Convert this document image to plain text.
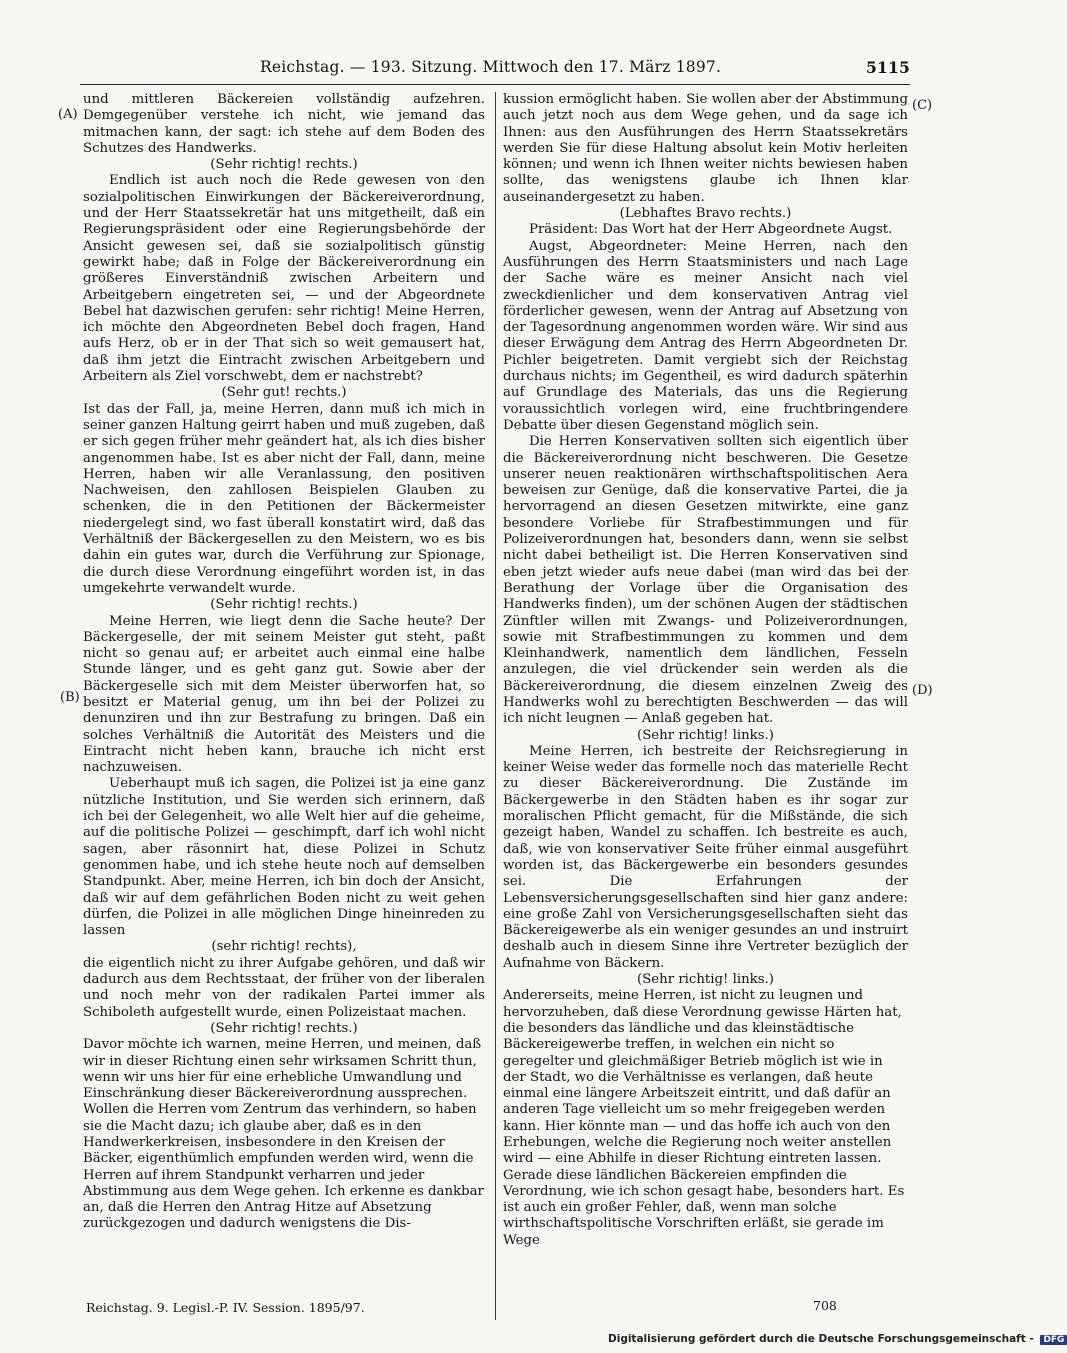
Reichstag. — 193. Sitzung. Mittwoch den 17. März 1897.	5115
(A)
(B)
(C)
(D)

und mittleren Bäckereien vollständig aufzehren. Demgegenüber verstehe ich nicht, wie jemand das mitmachen kann, der sagt: ich stehe auf dem Boden des Schutzes des Handwerks.

(Sehr richtig! rechts.)

Endlich ist auch noch die Rede gewesen von den sozialpolitischen Einwirkungen der Bäckereiverordnung, und der Herr Staatssekretär hat uns mitgetheilt, daß ein Regierungspräsident oder eine Regierungsbehörde der Ansicht gewesen sei, daß sie sozialpolitisch günstig gewirkt habe; daß in Folge der Bäckereiverordnung ein größeres Einverständniß zwischen Arbeitern und Arbeitgebern eingetreten sei, — und der Abgeordnete Bebel hat dazwischen gerufen: sehr richtig! Meine Herren, ich möchte den Abgeordneten Bebel doch fragen, Hand aufs Herz, ob er in der That sich so weit gemausert hat, daß ihm jetzt die Eintracht zwischen Arbeitgebern und Arbeitern als Ziel vorschwebt, dem er nachstrebt?

(Sehr gut! rechts.)

Ist das der Fall, ja, meine Herren, dann muß ich mich in seiner ganzen Haltung geirrt haben und muß zugeben, daß er sich gegen früher mehr geändert hat, als ich dies bisher angenommen habe. Ist es aber nicht der Fall, dann, meine Herren, haben wir alle Veranlassung, den positiven Nachweisen, den zahllosen Beispielen Glauben zu schenken, die in den Petitionen der Bäckermeister niedergelegt sind, wo fast überall konstatirt wird, daß das Verhältniß der Bäckergesellen zu den Meistern, wo es bis dahin ein gutes war, durch die Verführung zur Spionage, die durch diese Verordnung eingeführt worden ist, in das umgekehrte verwandelt wurde.

(Sehr richtig! rechts.)

Meine Herren, wie liegt denn die Sache heute? Der Bäckergeselle, der mit seinem Meister gut steht, paßt nicht so genau auf; er arbeitet auch einmal eine halbe Stunde länger, und es geht ganz gut. Sowie aber der Bäckergeselle sich mit dem Meister überworfen hat, so besitzt er Material genug, um ihn bei der Polizei zu denunziren und ihn zur Bestrafung zu bringen. Daß ein solches Verhältniß die Autorität des Meisters und die Eintracht nicht heben kann, brauche ich nicht erst nachzuweisen.

Ueberhaupt muß ich sagen, die Polizei ist ja eine ganz nützliche Institution, und Sie werden sich erinnern, daß ich bei der Gelegenheit, wo alle Welt hier auf die geheime, auf die politische Polizei — geschimpft, darf ich wohl nicht sagen, aber räsonnirt hat, diese Polizei in Schutz genommen habe, und ich stehe heute noch auf demselben Standpunkt. Aber, meine Herren, ich bin doch der Ansicht, daß wir auf dem gefährlichen Boden nicht zu weit gehen dürfen, die Polizei in alle möglichen Dinge hineinreden zu lassen

(sehr richtig! rechts),

die eigentlich nicht zu ihrer Aufgabe gehören, und daß wir dadurch aus dem Rechtsstaat, der früher von der liberalen und noch mehr von der radikalen Partei immer als Schiboleth aufgestellt wurde, einen Polizeistaat machen.

(Sehr richtig! rechts.)

Davor möchte ich warnen, meine Herren, und meinen, daß wir in dieser Richtung einen sehr wirksamen Schritt thun, wenn wir uns hier für eine erhebliche Umwandlung und Einschränkung dieser Bäckereiverordnung aussprechen. Wollen die Herren vom Zentrum das verhindern, so haben sie die Macht dazu; ich glaube aber, daß es in den Handwerkerkreisen, insbesondere in den Kreisen der Bäcker, eigenthümlich empfunden werden wird, wenn die Herren auf ihrem Standpunkt verharren und jeder Abstimmung aus dem Wege gehen. Ich erkenne es dankbar an, daß die Herren den Antrag Hitze auf Absetzung zurückgezogen und dadurch wenigstens die Dis-

kussion ermöglicht haben. Sie wollen aber der Abstimmung auch jetzt noch aus dem Wege gehen, und da sage ich Ihnen: aus den Ausführungen des Herrn Staatssekretärs werden Sie für diese Haltung absolut kein Motiv herleiten können; und wenn ich Ihnen weiter nichts bewiesen haben sollte, das wenigstens glaube ich Ihnen klar auseinandergesetzt zu haben.

(Lebhaftes Bravo rechts.)

Präsident: Das Wort hat der Herr Abgeordnete Augst.

Augst, Abgeordneter: Meine Herren, nach den Ausführungen des Herrn Staatsministers und nach Lage der Sache wäre es meiner Ansicht nach viel zweckdienlicher und dem konservativen Antrag viel förderlicher gewesen, wenn der Antrag auf Absetzung von der Tagesordnung angenommen worden wäre. Wir sind aus dieser Erwägung dem Antrag des Herrn Abgeordneten Dr. Pichler beigetreten. Damit vergiebt sich der Reichstag durchaus nichts; im Gegentheil, es wird dadurch späterhin auf Grundlage des Materials, das uns die Regierung voraussichtlich vorlegen wird, eine fruchtbringendere Debatte über diesen Gegenstand möglich sein.

Die Herren Konservativen sollten sich eigentlich über die Bäckereiverordnung nicht beschweren. Die Gesetze unserer neuen reaktionären wirthschaftspolitischen Aera beweisen zur Genüge, daß die konservative Partei, die ja hervorragend an diesen Gesetzen mitwirkte, eine ganz besondere Vorliebe für Strafbestimmungen und für Polizeiverordnungen hat, besonders dann, wenn sie selbst nicht dabei betheiligt ist. Die Herren Konservativen sind eben jetzt wieder aufs neue dabei (man wird das bei der Berathung der Vorlage über die Organisation des Handwerks finden), um der schönen Augen der städtischen Zünftler willen mit Zwangs- und Polizeiverordnungen, sowie mit Strafbestimmungen zu kommen und dem Kleinhandwerk, namentlich dem ländlichen, Fesseln anzulegen, die viel drückender sein werden als die Bäckereiverordnung, die diesem einzelnen Zweig des Handwerks wohl zu berechtigten Beschwerden — das will ich nicht leugnen — Anlaß gegeben hat.

(Sehr richtig! links.)

Meine Herren, ich bestreite der Reichsregierung in keiner Weise weder das formelle noch das materielle Recht zu dieser Bäckereiverordnung. Die Zustände im Bäckergewerbe in den Städten haben es ihr sogar zur moralischen Pflicht gemacht, für die Mißstände, die sich gezeigt haben, Wandel zu schaffen. Ich bestreite es auch, daß, wie von konservativer Seite früher einmal ausgeführt worden ist, das Bäckergewerbe ein besonders gesundes sei. Die Erfahrungen der Lebensversicherungsgesellschaften sind hier ganz andere: eine große Zahl von Versicherungsgesellschaften sieht das Bäckereigewerbe als ein weniger gesundes an und instruirt deshalb auch in diesem Sinne ihre Vertreter bezüglich der Aufnahme von Bäckern.

(Sehr richtig! links.)

Andererseits, meine Herren, ist nicht zu leugnen und hervorzuheben, daß diese Verordnung gewisse Härten hat, die besonders das ländliche und das kleinstädtische Bäckereigewerbe treffen, in welchen ein nicht so geregelter und gleichmäßiger Betrieb möglich ist wie in der Stadt, wo die Verhältnisse es verlangen, daß heute einmal eine längere Arbeitszeit eintritt, und daß dafür an anderen Tage vielleicht um so mehr freigegeben werden kann. Hier könnte man — und das hoffe ich auch von den Erhebungen, welche die Regierung noch weiter anstellen wird — eine Abhilfe in dieser Richtung eintreten lassen. Gerade diese ländlichen Bäckereien empfinden die Verordnung, wie ich schon gesagt habe, besonders hart. Es ist auch ein großer Fehler, daß, wenn man solche wirthschaftspolitische Vorschriften erläßt, sie gerade im Wege

Reichstag. 9. Legisl.-P. IV. Session. 1895/97.	708
Digitalisierung gefördert durch die Deutsche Forschungsgemeinschaft - DFG
